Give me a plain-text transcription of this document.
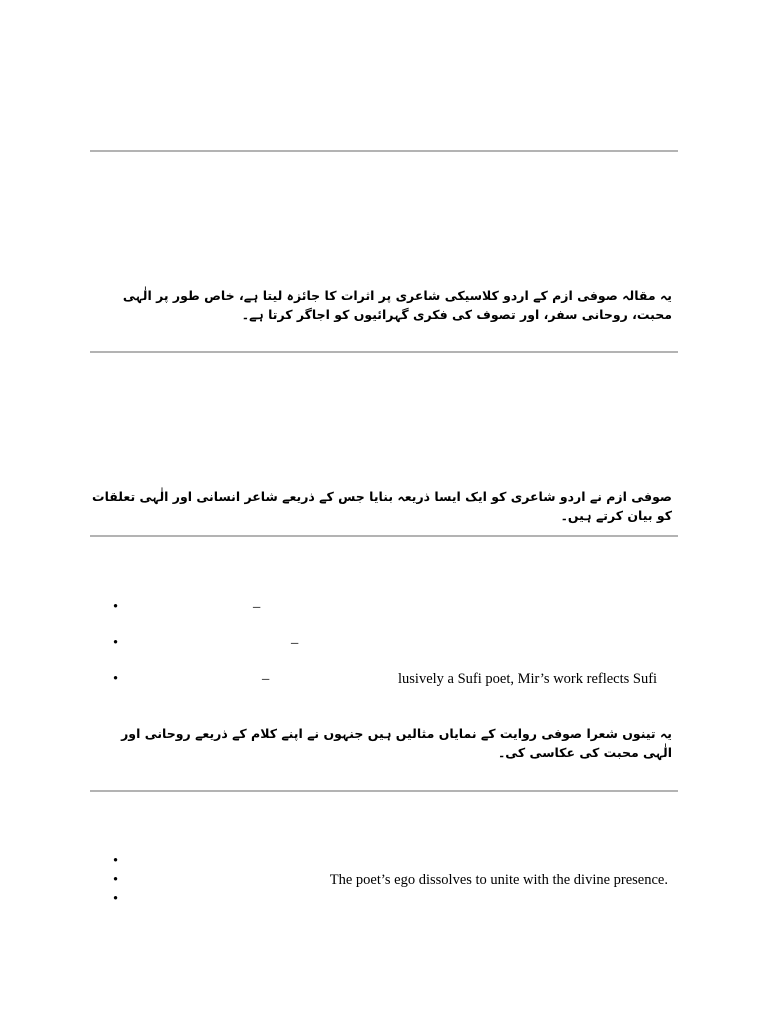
یہ مقالہ صوفی ازم کے اردو کلاسیکی شاعری پر اثرات کا جائزہ لیتا ہے، خاص طور پر الٰہی محبت، روحانی سفر، اور تصوف کی فکری گہرائیوں کو اجاگر کرتا ہے۔
صوفی ازم نے اردو شاعری کو ایک ایسا ذریعہ بنایا جس کے ذریعے شاعر انسانی اور الٰہی تعلقات کو بیان کرتے ہیں۔
•	–
•	–
•	–	lusively a Sufi poet, Mir’s work reflects Sufi
یہ تینوں شعرا صوفی روایت کے نمایاں مثالیں ہیں جنہوں نے اپنے کلام کے ذریعے روحانی اور الٰہی محبت کی عکاسی کی۔
•
•	The poet’s ego dissolves to unite with the divine presence.
•
